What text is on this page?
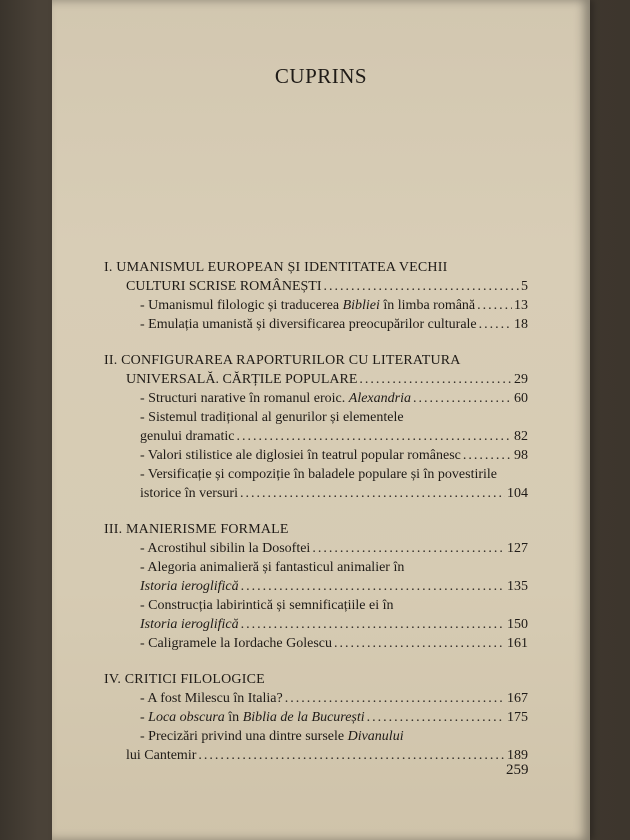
CUPRINS
I. UMANISMUL EUROPEAN ȘI IDENTITATEA VECHII
CULTURI SCRISE ROMÂNEȘTI .....	5
- Umanismul filologic și traducerea Bibliei în limba română .....	13
- Emulația umanistă și diversificarea preocupărilor culturale .....	18
II. CONFIGURAREA RAPORTURILOR CU LITERATURA
UNIVERSALĂ. CĂRȚILE POPULARE .....	29
- Structuri narative în romanul eroic. Alexandria .....	60
- Sistemul tradițional al genurilor și elementele
genului dramatic .....	82
- Valori stilistice ale diglosiei în teatrul popular românesc .....	98
- Versificație și compoziție în baladele populare și în povestirile
istorice în versuri .....	104
III. MANIERISME FORMALE
- Acrostihul sibilin la Dosoftei .....	127
- Alegoria animalieră și fantasticul animalier în
Istoria ieroglifică .....	135
- Construcția labirintică și semnificațiile ei în
Istoria ieroglifică .....	150
- Caligramele la Iordache Golescu .....	161
IV. CRITICI FILOLOGICE
- A fost Milescu în Italia? .....	167
- Loca obscura în Biblia de la București .....	175
- Precizări privind una dintre sursele Divanului
lui Cantemir .....	189
259
